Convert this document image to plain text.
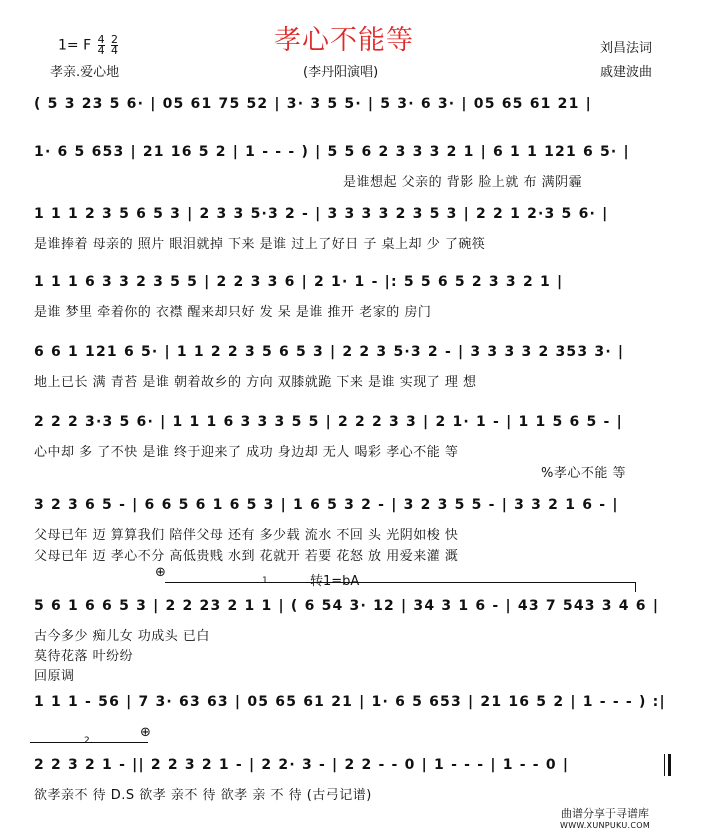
1= F $\frac{4}{4}$
$\frac{2}{4}$	孝心不能等	刘昌法词
孝亲.爱心地	(李丹阳演唱)	戚建波曲
( 5 3 23 5 6· | 05 61 75 52 | 3· 3 5 5· | 5 3· 6 3· | 05 65 61 21 |
1· 6 5 653 | 21 16 5 2 | 1 - - - ) | 5 5 6 2 3 3 3 2 1 | 6 1 1 121 6 5· |
是谁想起 父亲的 背影 脸上就 布 满阴霾
1 1 1 2 3 5 6 5 3 | 2 3 3 5·3 2 - | 3 3 3 3 2 3 5 3 | 2 2 1 2·3 5 6· |
是谁捧着 母亲的 照片 眼泪就掉 下来 是谁 过上了好日 子 桌上却 少 了碗筷
1 1 1 6 3 3 2 3 5 5 | 2 2 3 3 6 | 2 1· 1 - |: 5 5 6 5 2 3 3 2 1 |
是谁 梦里 牵着你的 衣襟 醒来却只好 发 呆 是谁 推开 老家的 房门
6 6 1 121 6 5· | 1 1 2 2 3 5 6 5 3 | 2 2 3 5·3 2 - | 3 3 3 3 2 353 3· |
地上已长 满 青苔 是谁 朝着故乡的 方向 双膝就跪 下来 是谁 实现了 理 想
2 2 2 3·3 5 6· | 1 1 1 6 3 3 3 5 5 | 2 2 2 3 3 | 2 1· 1 - | 1 1 5 6 5 - |
心中却 多 了不快 是谁 终于迎来了 成功 身边却 无人 喝彩 孝心不能 等
%孝心不能 等
3 2 3 6 5 - | 6 6 5 6 1 6 5 3 | 1 6 5 3 2 - | 3 2 3 5 5 - | 3 3 2 1 6 - |
父母已年 迈 算算我们 陪伴父母 还有 多少载 流水 不回 头 光阴如梭 快
父母已年 迈 孝心不分 高低贵贱 水到 花就开 若要 花怒 放 用爱来灌 溉
⊕
1.	转1=bA
5 6 1 6 6 5 3 | 2 2 23 2 1 1 | ( 6 54 3· 12 | 34 3 1 6 - | 43 7 543 3 4 6 |
古今多少 痴儿女 功成头 已白
莫待花落 叶纷纷
回原调
1 1 1 - 56 | 7 3· 63 63 | 05 65 61 21 | 1· 6 5 653 | 21 16 5 2 | 1 - - - ) :|
2.
⊕
2 2 3 2 1 - || 2 2 3 2 1 - | 2 2· 3 - | 2 2 - - 0 | 1 - - - | 1 - - 0 |
欲孝亲不 待 D.S 欲孝 亲不 待 欲孝 亲 不 待 (古弓记谱)
曲谱分享于寻谱库
WWW.XUNPUKU.COM
